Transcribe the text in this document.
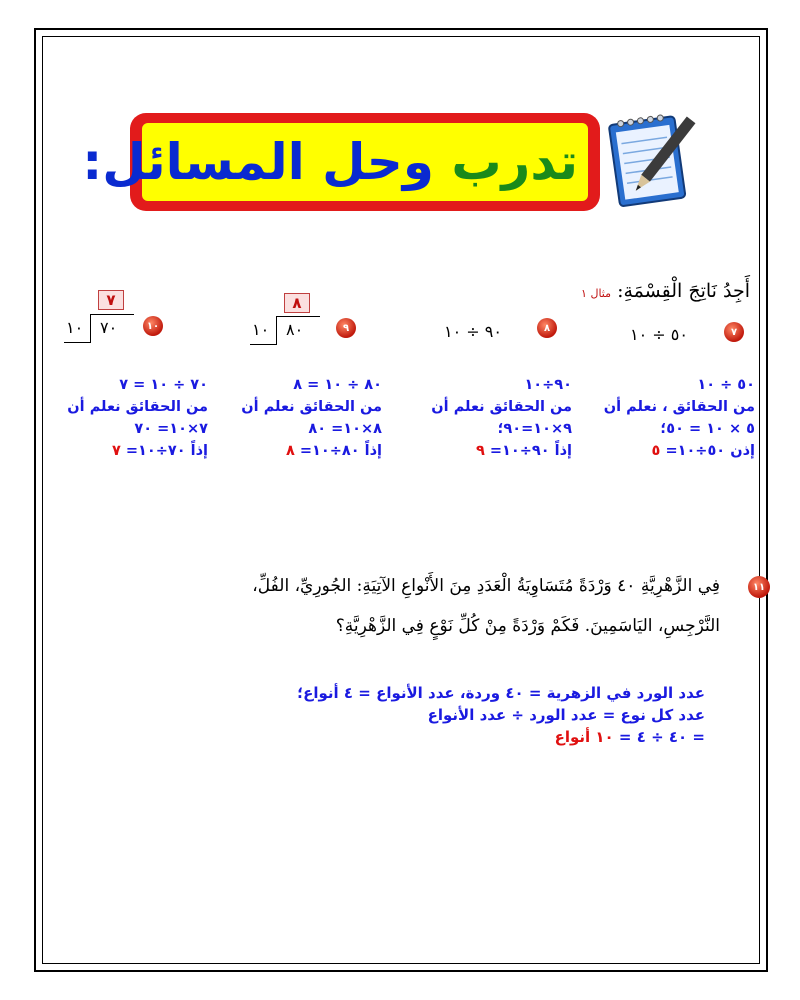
تدرب وحل المسائل:
أَجِدُ نَاتِجَ الْقِسْمَةِ: مثال ١
٧
٥٠ ÷ ١٠
٨
٩٠ ÷ ١٠
٨
٩
١٠ ٨٠
٧
١٠
١٠ ٧٠
٥٠ ÷ ١٠
من الحقائق ، نعلم أن
٥ × ١٠ = ٥٠؛
إذن ٥٠÷١٠= ٥
٩٠÷١٠
من الحقائق نعلم أن
٩×١٠=٩٠؛
إذاً ٩٠÷١٠= ٩
٨٠ ÷ ١٠ = ٨
من الحقائق نعلم أن
٨×١٠= ٨٠
إذاً ٨٠÷١٠= ٨
٧٠ ÷ ١٠ = ٧
من الحقائق نعلم أن
٧×١٠= ٧٠
إذاً ٧٠÷١٠= ٧
١١
فِي الزَّهْرِيَّةِ ٤٠ وَرْدَةً مُتَسَاوِيَةُ الْعَدَدِ مِنَ الأَنْواعِ الآتِيَةِ: الجُورِيِّ، الفُلِّ،
النَّرْجِسِ، اليَاسَمِينَ. فَكَمْ وَرْدَةً مِنْ كُلِّ نَوْعٍ فِي الزَّهْرِيَّةِ؟
عدد الورد في الزهرية = ٤٠ وردة، عدد الأنواع = ٤ أنواع؛
عدد كل نوع = عدد الورد ÷ عدد الأنواع
= ٤٠ ÷ ٤ = ١٠ أنواع
